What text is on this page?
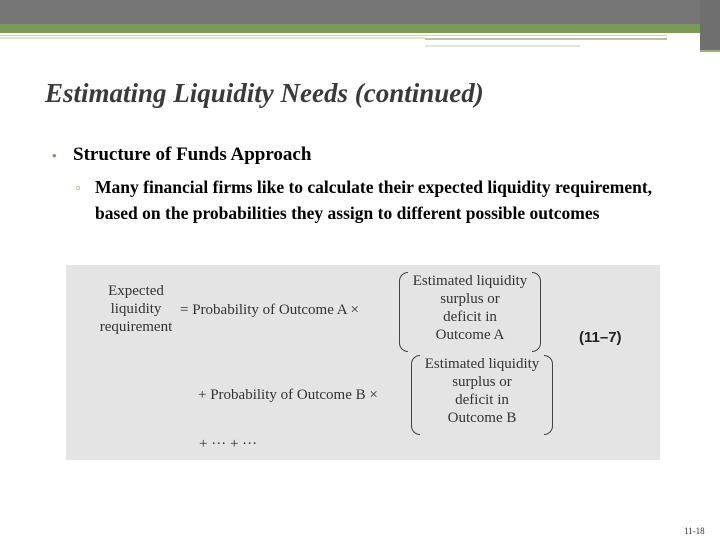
Estimating Liquidity Needs (continued)
• Structure of Funds Approach
▫ Many financial firms like to calculate their expected liquidity requirement, based on the probabilities they assign to different possible outcomes
Expected
liquidity
requirement
= Probability of Outcome A ×
Estimated liquidity
surplus or
deficit in
Outcome A	(11–7)
+ Probability of Outcome B ×
Estimated liquidity
surplus or
deficit in
Outcome B
+ ··· + ···
11-18
